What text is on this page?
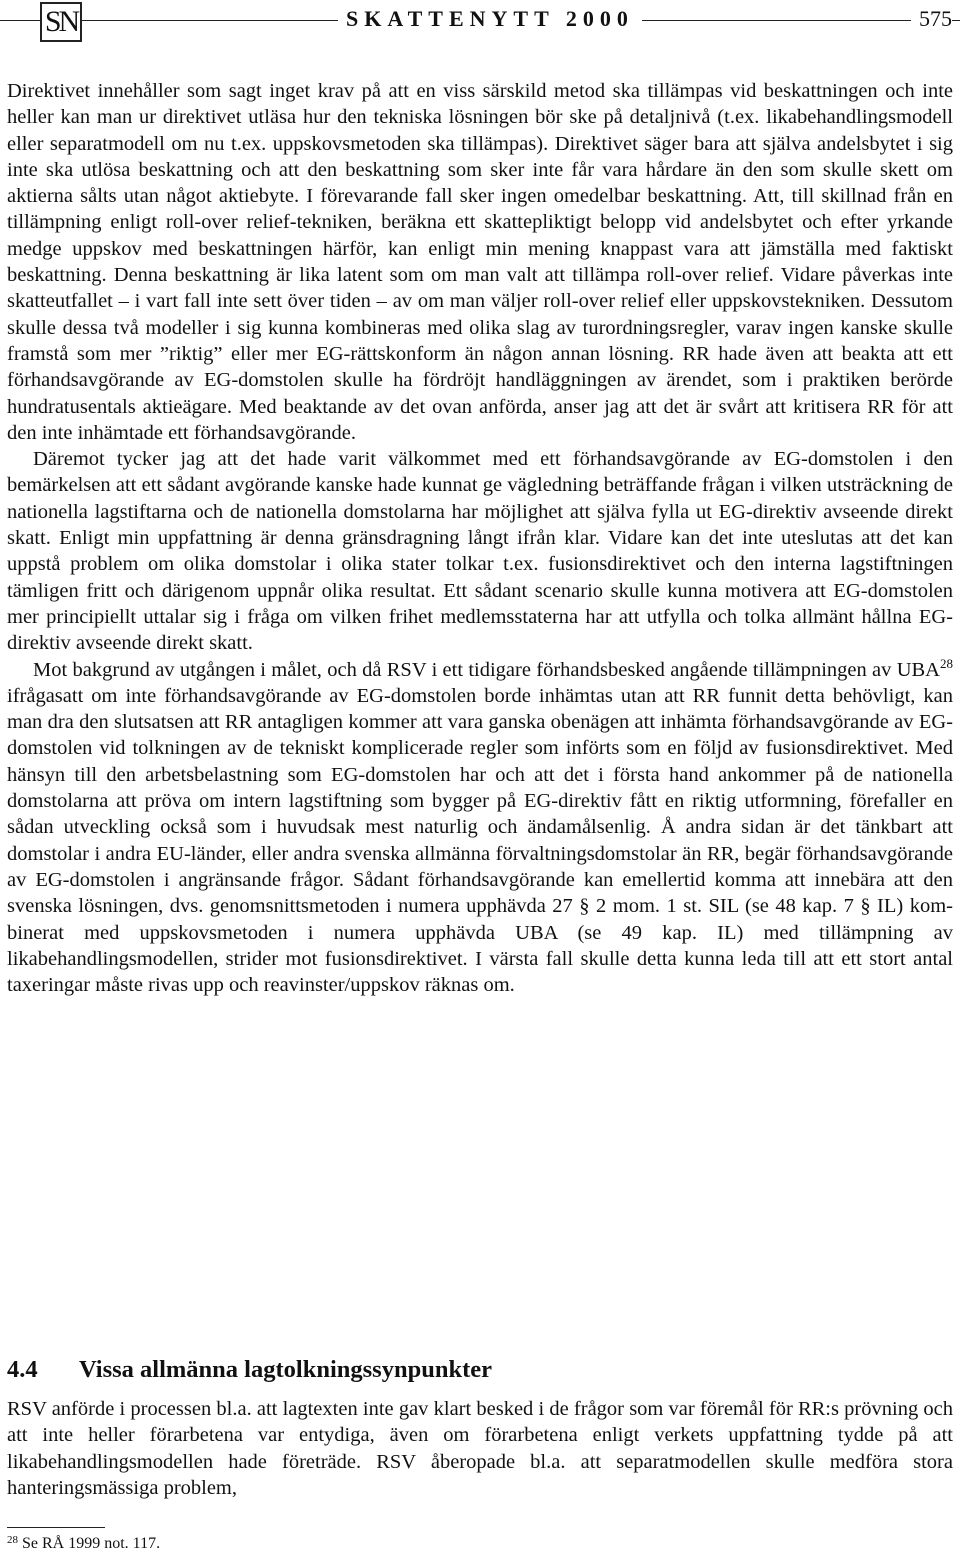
SN	SKATTENYTT 2000	575

Direktivet innehåller som sagt inget krav på att en viss särskild metod ska tillämpas vid beskattningen och inte heller kan man ur direktivet utläsa hur den tekniska lösningen bör ske på detaljnivå (t.ex. likabehandlingsmodell eller separatmodell om nu t.ex. uppskovsmetoden ska tillämpas). Direktivet säger bara att själva andelsbytet i sig inte ska utlösa beskattning och att den beskattning som sker inte får vara hårdare än den som skulle skett om aktierna sålts utan något aktiebyte. I förevarande fall sker ingen omedelbar beskattning. Att, till skillnad från en tillämpning enligt roll-over relief-tekniken, beräkna ett skattepliktigt belopp vid andelsbytet och efter yrkande medge uppskov med beskattningen härför, kan enligt min mening knappast vara att jämställa med faktiskt beskattning. Denna beskattning är lika latent som om man valt att tillämpa roll-over relief. Vidare påverkas inte skatteutfallet – i vart fall inte sett över tiden – av om man väljer roll-over relief eller uppskovstekniken. Dessutom skulle dessa två modeller i sig kunna kombineras med olika slag av turordningsregler, varav ingen kanske skulle framstå som mer ”riktig” eller mer EG-rättskonform än någon annan lösning. RR hade även att beakta att ett förhandsavgörande av EG-domstolen skulle ha fördröjt handläggningen av ärendet, som i praktiken berörde hundratusentals aktieägare. Med beaktande av det ovan anförda, anser jag att det är svårt att kritisera RR för att den inte inhämtade ett förhandsavgörande.

Däremot tycker jag att det hade varit välkommet med ett förhandsavgörande av EG-domstolen i den bemärkelsen att ett sådant avgörande kanske hade kunnat ge vägledning beträffande frågan i vilken utsträckning de nationella lagstiftarna och de nationella domstolarna har möjlighet att själva fylla ut EG-direktiv avseende direkt skatt. Enligt min uppfattning är denna gränsdragning långt ifrån klar. Vidare kan det inte uteslutas att det kan uppstå problem om olika domstolar i olika stater tolkar t.ex. fusionsdirektivet och den interna lagstiftningen tämligen fritt och därigenom uppnår olika resultat. Ett sådant scenario skulle kunna motivera att EG-domstolen mer principiellt uttalar sig i fråga om vilken frihet medlemsstaterna har att utfylla och tolka allmänt hållna EG-direktiv avseende direkt skatt.

Mot bakgrund av utgången i målet, och då RSV i ett tidigare förhandsbesked angående tillämpningen av UBA$^{28}$ ifrågasatt om inte förhandsavgörande av EG-domstolen borde inhämtas utan att RR funnit detta behövligt, kan man dra den slutsatsen att RR antagligen kommer att vara ganska obenägen att inhämta förhandsavgörande av EG-domstolen vid tolkningen av de tekniskt komplicerade regler som införts som en följd av fusionsdirektivet. Med hänsyn till den arbetsbelastning som EG-domstolen har och att det i första hand ankommer på de nationella domstolarna att pröva om intern lagstiftning som bygger på EG-direktiv fått en riktig utformning, förefaller en sådan utveckling också som i huvudsak mest naturlig och ändamålsenlig. Å andra sidan är det tänkbart att domstolar i andra EU-länder, eller andra svenska allmänna förvaltningsdomstolar än RR, begär förhandsavgörande av EG-domstolen i angränsande frågor. Sådant förhandsavgörande kan emellertid komma att innebära att den svenska lösningen, dvs. genomsnittsmetoden i numera upphävda 27 § 2 mom. 1 st. SIL (se 48 kap. 7 § IL) kombinerat med uppskovsmetoden i numera upphävda UBA (se 49 kap. IL) med tillämpning av likabehandlingsmodellen, strider mot fusionsdirektivet. I värsta fall skulle detta kunna leda till att ett stort antal taxeringar måste rivas upp och reavinster/uppskov räknas om.

4.4 Vissa allmänna lagtolkningssynpunkter

RSV anförde i processen bl.a. att lagtexten inte gav klart besked i de frågor som var föremål för RR:s prövning och att inte heller förarbetena var entydiga, även om förarbetena enligt verkets uppfattning tydde på att likabehandlingsmodellen hade företräde. RSV åberopade bl.a. att separatmodellen skulle medföra stora hanteringsmässiga problem,

$^{28}$ Se RÅ 1999 not. 117.
